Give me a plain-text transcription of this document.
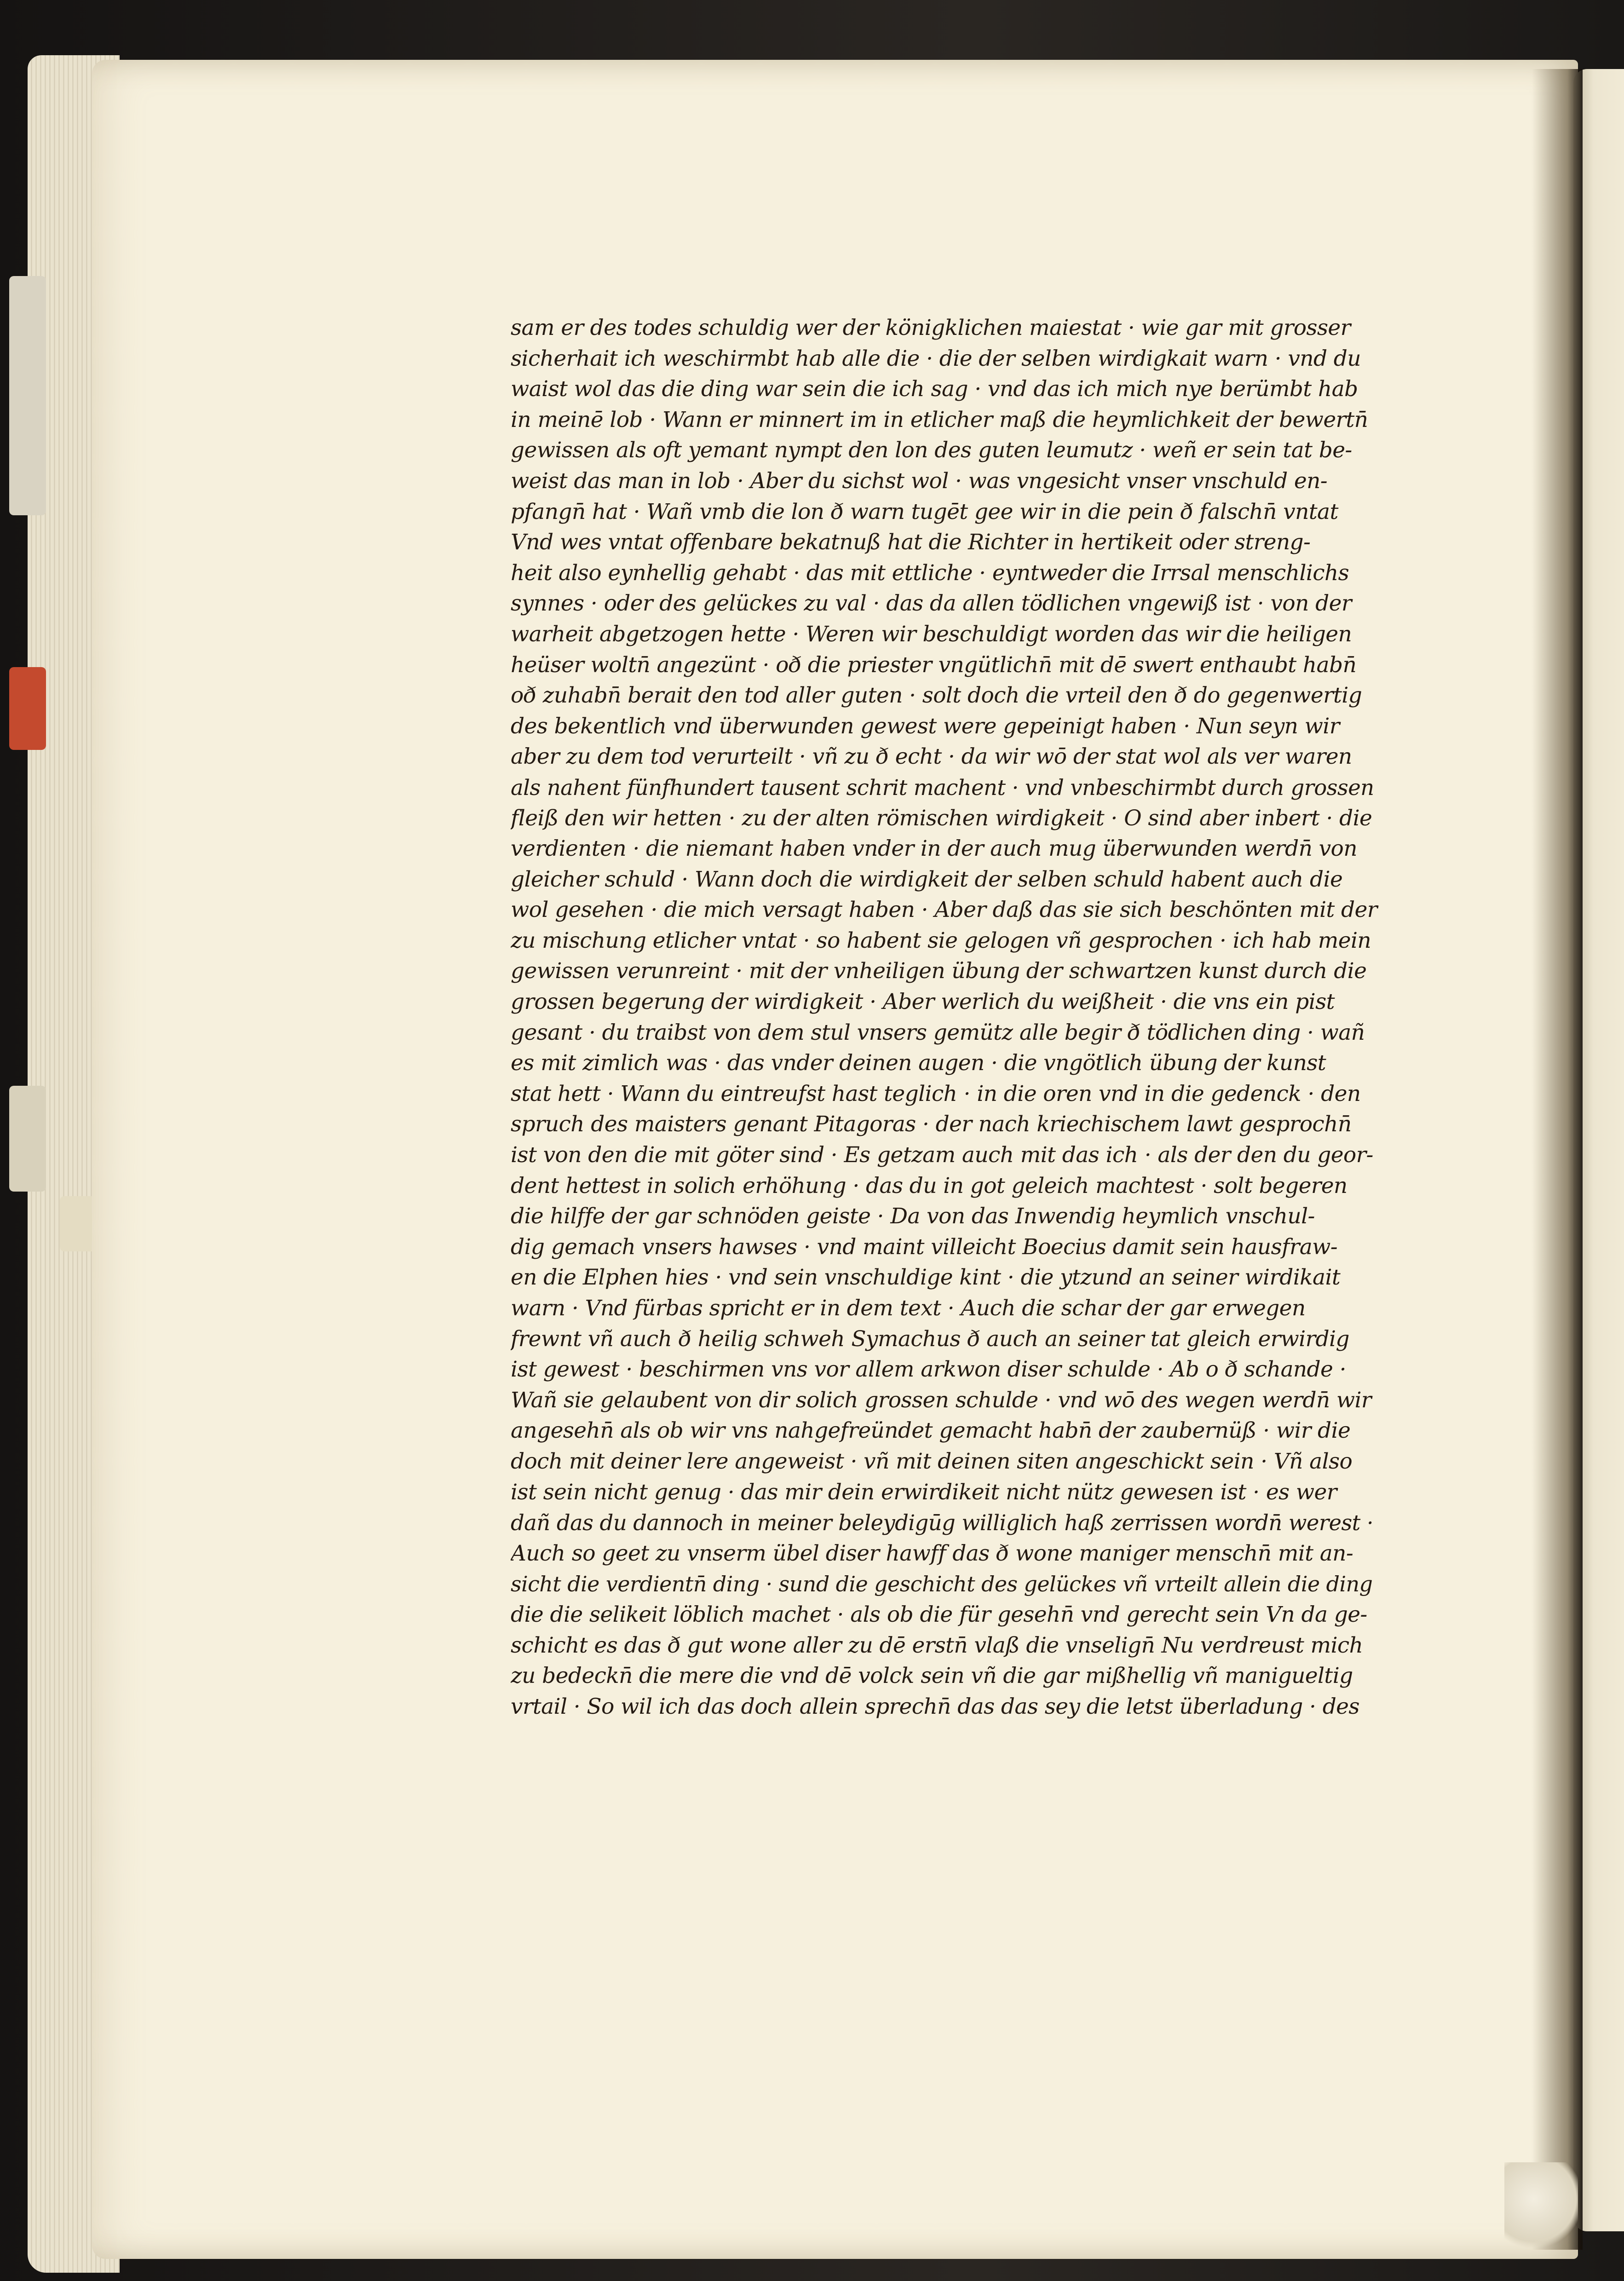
sam er des todes schuldig wer der königklichen maiestat · wie gar mit grosser
sicherhait ich weschirmbt hab alle die · die der selben wirdigkait warn · vnd du
waist wol das die ding war sein die ich sag · vnd das ich mich nye berümbt hab
in meinē lob · Wann er minnert im in etlicher maß die heymlichkeit der bewertn̄
gewissen als oft yemant nympt den lon des guten leumutz · weñ er sein tat be-
weist das man in lob · Aber du sichst wol · was vngesicht vnser vnschuld en-
pfangn̄ hat · Wañ vmb die lon ð warn tugēt gee wir in die pein ð falschn̄ vntat
Vnd wes vntat offenbare bekatnuß hat die Richter in hertikeit oder streng-
heit also eynhellig gehabt · das mit ettliche · eyntweder die Irrsal menschlichs
synnes · oder des gelückes zu val · das da allen tödlichen vngewiß ist · von der
warheit abgetzogen hette · Weren wir beschuldigt worden das wir die heiligen
heüser woltn̄ angezünt · oð die priester vngütlichn̄ mit dē swert enthaubt habn̄
oð zuhabn̄ berait den tod aller guten · solt doch die vrteil den ð do gegenwertig
des bekentlich vnd überwunden gewest were gepeinigt haben · Nun seyn wir
aber zu dem tod verurteilt · vñ zu ð echt · da wir wō der stat wol als ver waren
als nahent fünfhundert tausent schrit machent · vnd vnbeschirmbt durch grossen
fleiß den wir hetten · zu der alten römischen wirdigkeit · O sind aber inbert · die
verdienten · die niemant haben vnder in der auch mug überwunden werdn̄ von
gleicher schuld · Wann doch die wirdigkeit der selben schuld habent auch die
wol gesehen · die mich versagt haben · Aber daß das sie sich beschönten mit der
zu mischung etlicher vntat · so habent sie gelogen vñ gesprochen · ich hab mein
gewissen verunreint · mit der vnheiligen übung der schwartzen kunst durch die
grossen begerung der wirdigkeit · Aber werlich du weißheit · die vns ein pist
gesant · du traibst von dem stul vnsers gemütz alle begir ð tödlichen ding · wañ
es mit zimlich was · das vnder deinen augen · die vngötlich übung der kunst
stat hett · Wann du eintreufst hast teglich · in die oren vnd in die gedenck · den
spruch des maisters genant Pitagoras · der nach kriechischem lawt gesprochn̄
ist von den die mit göter sind · Es getzam auch mit das ich · als der den du geor-
dent hettest in solich erhöhung · das du in got geleich machtest · solt begeren
die hilffe der gar schnöden geiste · Da von das Inwendig heymlich vnschul-
dig gemach vnsers hawses · vnd maint villeicht Boecius damit sein hausfraw-
en die Elphen hies · vnd sein vnschuldige kint · die ytzund an seiner wirdikait
warn · Vnd fürbas spricht er in dem text · Auch die schar der gar erwegen
frewnt vñ auch ð heilig schweh Symachus ð auch an seiner tat gleich erwirdig
ist gewest · beschirmen vns vor allem arkwon diser schulde · Ab o ð schande ·
Wañ sie gelaubent von dir solich grossen schulde · vnd wō des wegen werdn̄ wir
angesehn̄ als ob wir vns nahgefreündet gemacht habn̄ der zaubernüß · wir die
doch mit deiner lere angeweist · vñ mit deinen siten angeschickt sein · Vñ also
ist sein nicht genug · das mir dein erwirdikeit nicht nütz gewesen ist · es wer
dañ das du dannoch in meiner beleydigūg williglich haß zerrissen wordn̄ werest ·
Auch so geet zu vnserm übel diser hawff das ð wone maniger menschn̄ mit an-
sicht die verdientn̄ ding · sund die geschicht des gelückes vñ vrteilt allein die ding
die die selikeit löblich machet · als ob die für gesehn̄ vnd gerecht sein Vn da ge-
schicht es das ð gut wone aller zu dē erstn̄ vlaß die vnselign̄ Nu verdreust mich
zu bedeckn̄ die mere die vnd dē volck sein vñ die gar mißhellig vñ manigueltig
vrtail · So wil ich das doch allein sprechn̄ das das sey die letst überladung · des
